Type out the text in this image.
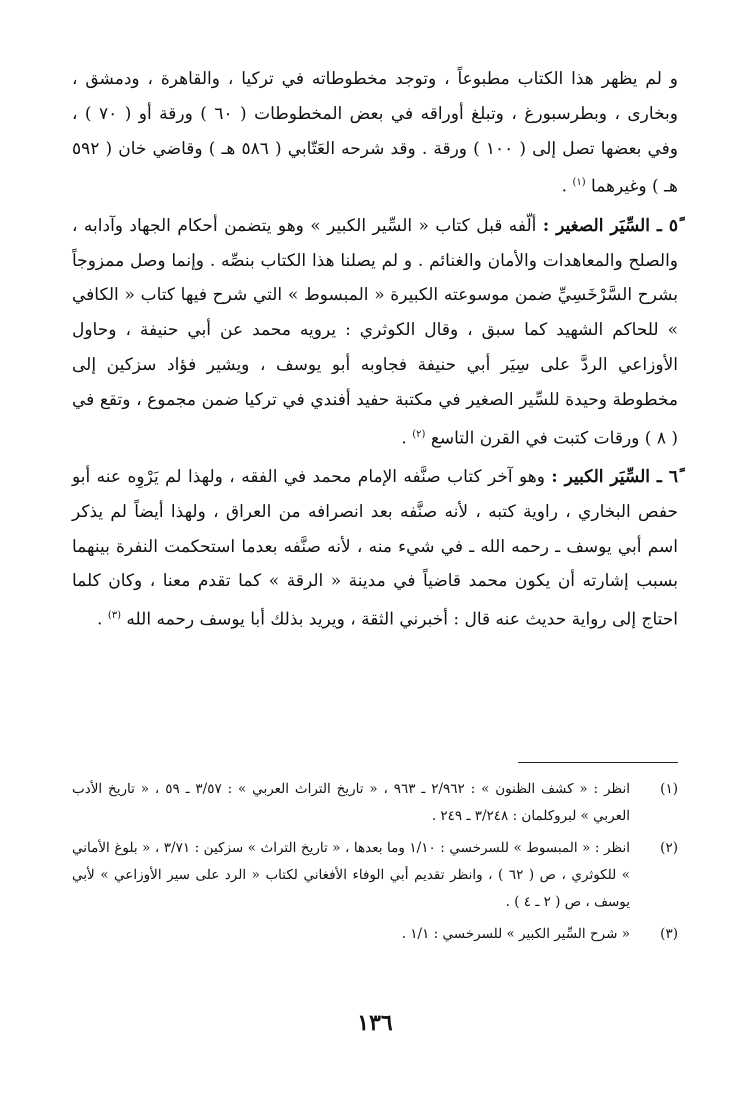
و لم يظهر هذا الكتاب مطبوعاً ، وتوجد مخطوطاته في تركيا ، والقاهرة ، ودمشق ، وبخارى ، وبطرسبورغ ، وتبلغ أوراقه في بعض المخطوطات ( ٦٠ ) ورقة أو ( ٧٠ ) ، وفي بعضها تصل إلى ( ١٠٠ ) ورقة . وقد شرحه العَتّابي ( ٥٨٦ هـ ) وقاضي خان ( ٥٩٢ هـ ) وغيرهما $^{(١)}$ .

٥ً ـ السِّيَر الصغير : ألّفه قبل كتاب « السِّير الكبير » وهو يتضمن أحكام الجهاد وآدابه ، والصلح والمعاهدات والأمان والغنائم . و لم يصلنا هذا الكتاب بنصِّه . وإنما وصل ممزوجاً بشرح السَّرْخَسِيِّ ضمن موسوعته الكبيرة « المبسوط » التي شرح فيها كتاب « الكافي » للحاكم الشهيد كما سبق ، وقال الكوثري : يرويه محمد عن أبي حنيفة ، وحاول الأوزاعي الردَّ على سِيَر أبي حنيفة فجاوبه أبو يوسف ، ويشير فؤاد سزكين إلى مخطوطة وحيدة للسِّير الصغير في مكتبة حفيد أفندي في تركيا ضمن مجموع ، وتقع في ( ٨ ) ورقات كتبت في القرن التاسع $^{(٢)}$ .

٦ً ـ السِّيَر الكبير : وهو آخر كتاب صنَّفه الإمام محمد في الفقه ، ولهذا لم يَرْوِه عنه أبو حفص البخاري ، راوية كتبه ، لأنه صنَّفه بعد انصرافه من العراق ، ولهذا أيضاً لم يذكر اسم أبي يوسف ـ رحمه الله ـ في شيء منه ، لأنه صنَّفه بعدما استحكمت النفرة بينهما بسبب إشارته أن يكون محمد قاضياً في مدينة « الرقة » كما تقدم معنا ، وكان كلما احتاج إلى رواية حديث عنه قال : أخبرني الثقة ، ويريد بذلك أبا يوسف رحمه الله $^{(٣)}$ .

(١)
انظر : « كشف الظنون » : ٢/٩٦٢ ـ ٩٦٣ ، « تاريخ التراث العربي » : ٣/٥٧ ـ ٥٩ ، « تاريخ الأدب العربي » لبروكلمان : ٣/٢٤٨ ـ ٢٤٩ .
(٢)
انظر : « المبسوط » للسرخسي : ١/١٠ وما بعدها ، « تاريخ التراث » سزكين : ٣/٧١ ، « بلوغ الأماني » للكوثري ، ص ( ٦٢ ) ، وانظر تقديم أبي الوفاء الأفغاني لكتاب « الرد على سير الأوزاعي » لأبي يوسف ، ص ( ٢ ـ ٤ ) .
(٣)
« شرح السِّير الكبير » للسرخسي : ١/١ .
١٣٦
